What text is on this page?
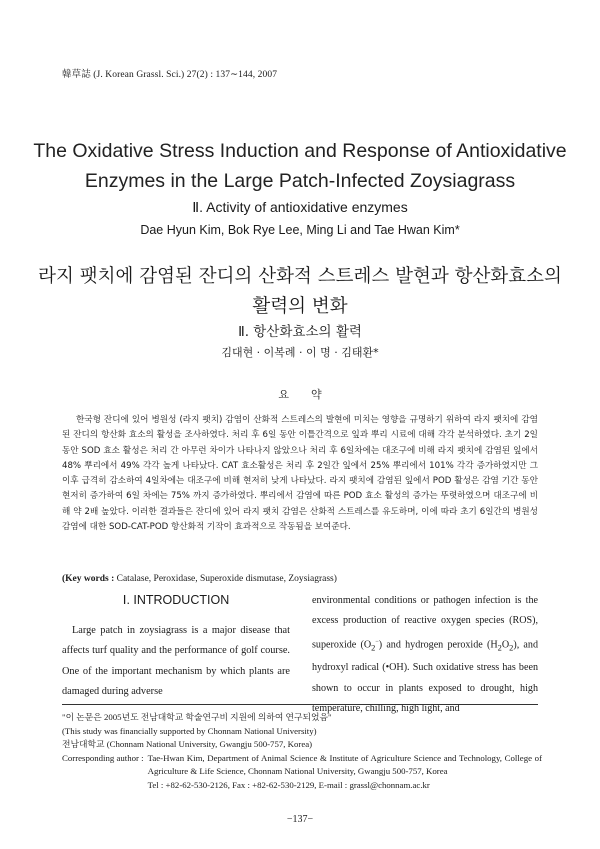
韓草誌 (J. Korean Grassl. Sci.) 27(2) : 137∼144, 2007
The Oxidative Stress Induction and Response of Antioxidative
Enzymes in the Large Patch-Infected Zoysiagrass
Ⅱ. Activity of antioxidative enzymes
Dae Hyun Kim, Bok Rye Lee, Ming Li and Tae Hwan Kim*
라지 팻치에 감염된 잔디의 산화적 스트레스 발현과 항산화효소의
활력의 변화
Ⅱ. 항산화효소의 활력
김대현 · 이복례 · 이 명 · 김태환*
요약
한국형 잔디에 있어 병원성 (라지 팻치) 감염이 산화적 스트레스의 발현에 미치는 영향을 규명하기 위하여 라지 팻치에 감염된 잔디의 항산화 효소의 활성을 조사하였다. 처리 후 6일 동안 이틀간격으로 잎과 뿌리 시료에 대해 각각 분석하였다. 초기 2일 동안 SOD 효소 활성은 처리 간 아무런 차이가 나타나지 않았으나 처리 후 6일차에는 대조구에 비해 라지 팻치에 감염된 잎에서 48% 뿌리에서 49% 각각 높게 나타났다. CAT 효소활성은 처리 후 2일간 잎에서 25% 뿌리에서 101% 각각 증가하였지만 그 이후 급격히 감소하여 4일차에는 대조구에 비해 현저히 낮게 나타났다. 라지 팻치에 감염된 잎에서 POD 활성은 감염 기간 동안 현저히 증가하여 6일 차에는 75% 까지 증가하였다. 뿌리에서 감염에 따른 POD 효소 활성의 증가는 뚜렷하였으며 대조구에 비해 약 2배 높았다. 이러한 결과들은 잔디에 있어 라지 팻치 감염은 산화적 스트레스를 유도하며, 이에 따라 초기 6일간의 병원성 감염에 대한 SOD-CAT-POD 항산화적 기작이 효과적으로 작동됨을 보여준다.
(Key words : Catalase, Peroxidase, Superoxide dismutase, Zoysiagrass)
Ⅰ. INTRODUCTION
Large patch in zoysiagrass is a major disease that affects turf quality and the performance of golf course. One of the important mechanism by which plants are damaged during adverse
environmental conditions or pathogen infection is the excess production of reactive oxygen species (ROS), superoxide $(O_2^-)$ and hydrogen peroxide $(H_2O_2)$, and hydroxyl radical (•OH). Such oxidative stress has been shown to occur in plants exposed to drought, high temperature, chilling, high light, and
"이 논문은 2005년도 전남대학교 학술연구비 지원에 의하여 연구되었음"
(This study was financially supported by Chonnam National University)
전남대학교 (Chonnam National University, Gwangju 500-757, Korea)
Corresponding author : Tae-Hwan Kim, Department of Animal Science & Institute of Agriculture Science and Technology, College of Agriculture & Life Science, Chonnam National University, Gwangju 500-757, Korea
Tel : +82-62-530-2126, Fax : +82-62-530-2129, E-mail : grassl@chonnam.ac.kr
−137−
